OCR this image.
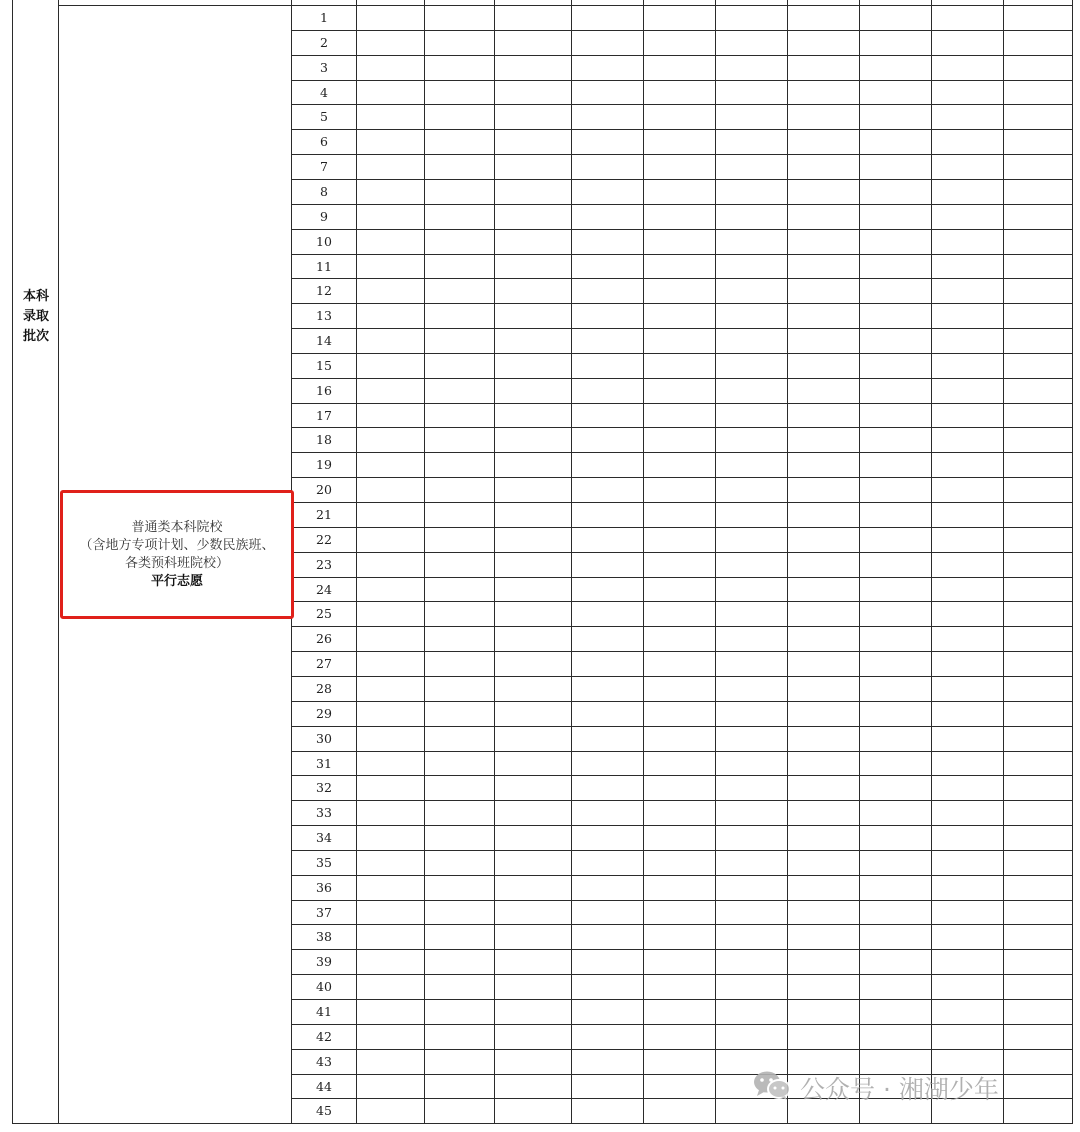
1
2
3
4
5
6
7
8
9
10
11
12
13
14
15
16
17
18
19
20
21
22
23
24
25
26
27
28
29
30
31
32
33
34
35
36
37
38
39
40
41
42
43
44
45
本科
录取
批次
普通类本科院校
（含地方专项计划、少数民族班、
各类预科班院校）
平行志愿
公众号 · 湘湖少年
